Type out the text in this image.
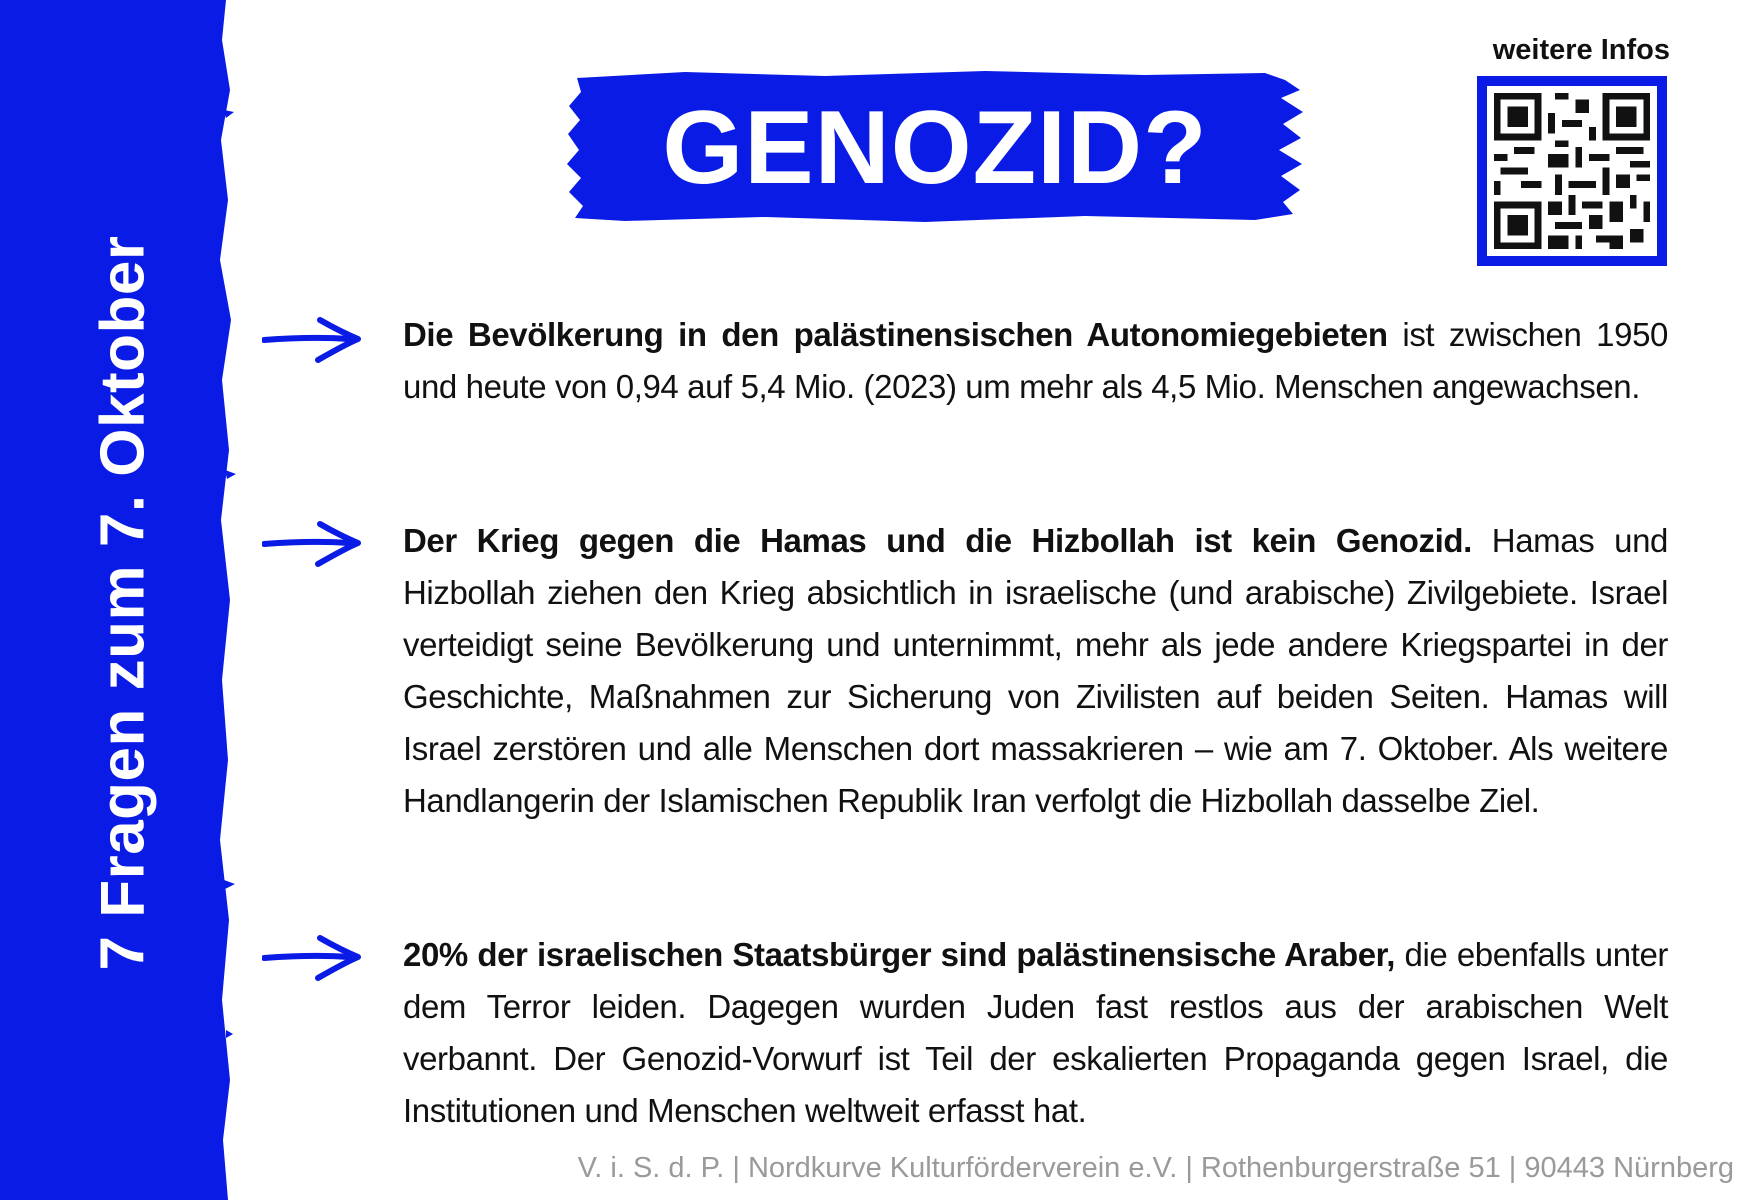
7 Fragen zum 7. Oktober
GENOZID?
weitere Infos
Die Bevölkerung in den palästinensischen Autonomiegebieten ist zwischen 1950 und heute von 0,94 auf 5,4 Mio. (2023) um mehr als 4,5 Mio. Menschen angewachsen.
Der Krieg gegen die Hamas und die Hizbollah ist kein Genozid. Hamas und Hizbollah ziehen den Krieg absichtlich in israelische (und arabische) Zivilgebiete. Israel verteidigt seine Bevölkerung und unternimmt, mehr als jede andere Kriegspartei in der Geschichte, Maßnahmen zur Sicherung von Zivilisten auf beiden Seiten. Hamas will Israel zerstören und alle Menschen dort massakrieren – wie am 7. Oktober. Als weitere Handlangerin der Islamischen Republik Iran verfolgt die Hizbollah dasselbe Ziel.
20% der israelischen Staatsbürger sind palästinensische Araber, die ebenfalls unter dem Terror leiden. Dagegen wurden Juden fast restlos aus der arabischen Welt verbannt. Der Genozid-Vorwurf ist Teil der eskalierten Propaganda gegen Israel, die Institutionen und Menschen weltweit erfasst hat.
V. i. S. d. P. | Nordkurve Kulturförderverein e.V. | Rothenburgerstraße 51 | 90443 Nürnberg
